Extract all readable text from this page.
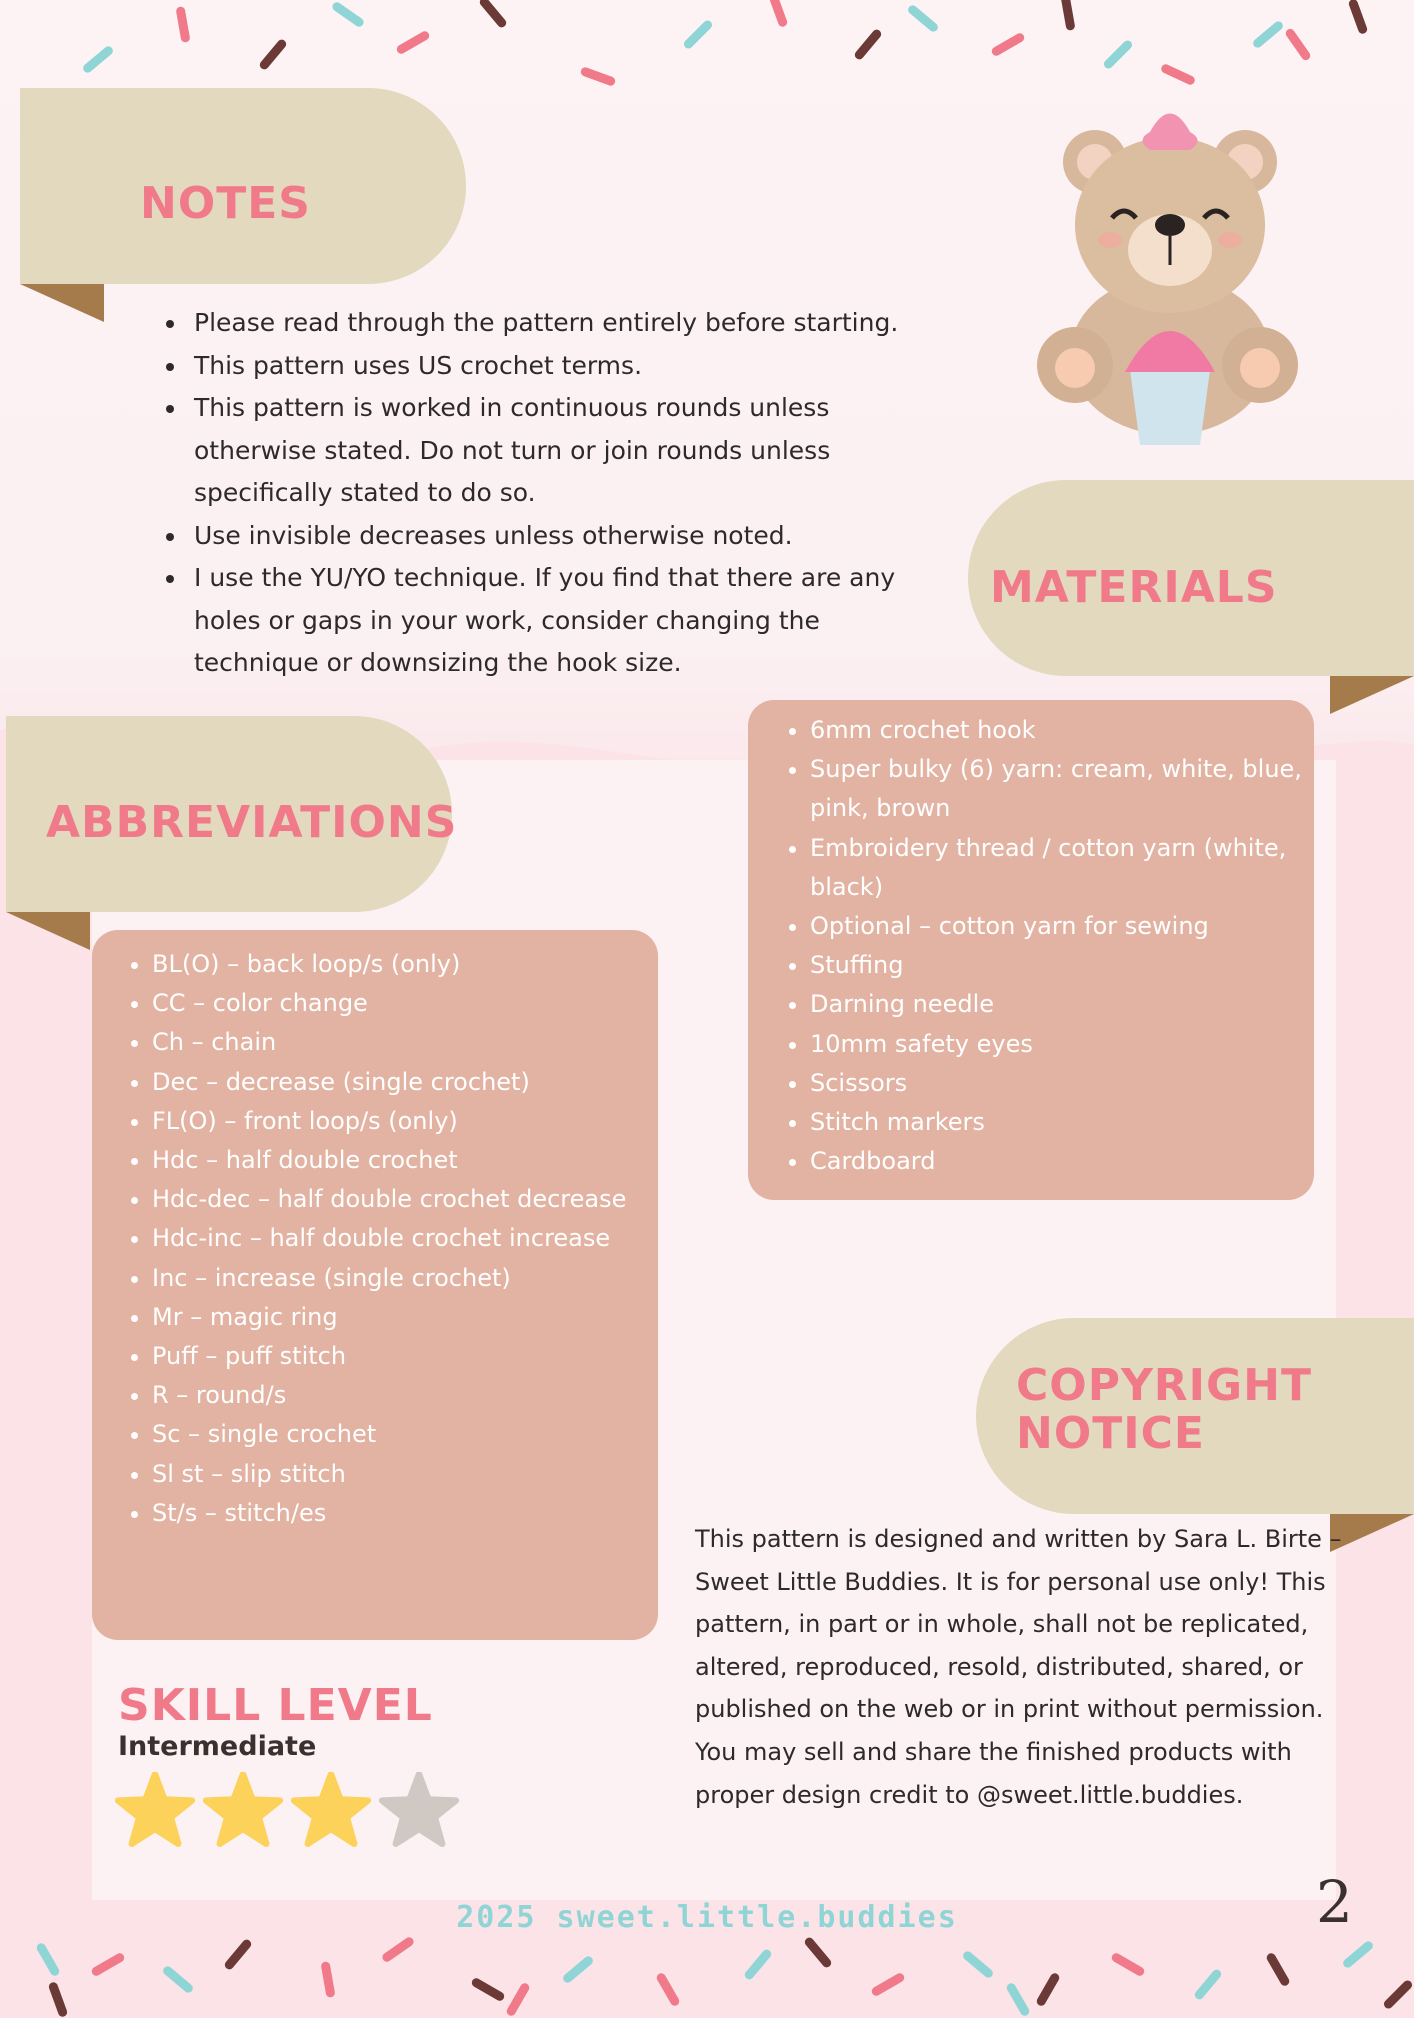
NOTES
• Please read through the pattern entirely before starting.
• This pattern uses US crochet terms.
• This pattern is worked in continuous rounds unless otherwise stated. Do not turn or join rounds unless specifically stated to do so.
• Use invisible decreases unless otherwise noted.
• I use the YU/YO technique. If you find that there are any holes or gaps in your work, consider changing the technique or downsizing the hook size.
MATERIALS
• 6mm crochet hook
• Super bulky (6) yarn: cream, white, blue, pink, brown
• Embroidery thread / cotton yarn (white, black)
• Optional – cotton yarn for sewing
• Stuffing
• Darning needle
• 10mm safety eyes
• Scissors
• Stitch markers
• Cardboard
ABBREVIATIONS
• BL(O) – back loop/s (only)
• CC – color change
• Ch – chain
• Dec – decrease (single crochet)
• FL(O) – front loop/s (only)
• Hdc – half double crochet
• Hdc-dec – half double crochet decrease
• Hdc-inc – half double crochet increase
• Inc – increase (single crochet)
• Mr – magic ring
• Puff – puff stitch
• R – round/s
• Sc – single crochet
• Sl st – slip stitch
• St/s – stitch/es
COPYRIGHT
NOTICE
This pattern is designed and written by Sara L. Birte – Sweet Little Buddies. It is for personal use only! This pattern, in part or in whole, shall not be replicated, altered, reproduced, resold, distributed, shared, or published on the web or in print without permission. You may sell and share the finished products with proper design credit to @sweet.little.buddies.
SKILL LEVEL
Intermediate
2025 sweet.little.buddies	2
